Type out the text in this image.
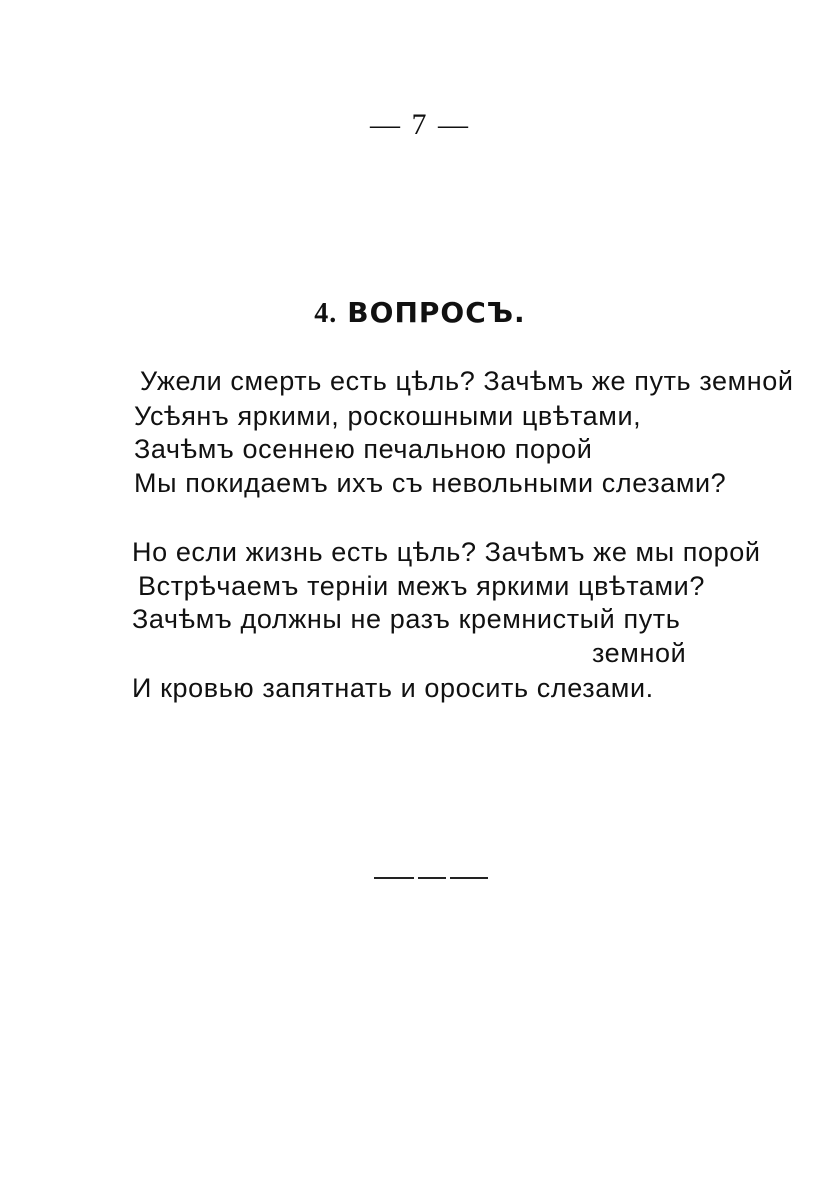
— 7 —
4. ВОПРОСЪ.
Ужели смерть есть цѣль? Зачѣмъ же путь земной
Усѣянъ яркими, роскошными цвѣтами,
Зачѣмъ осеннею печальною порой
Мы покидаемъ ихъ съ невольными слезами?
Но если жизнь есть цѣль? Зачѣмъ же мы порой
Встрѣчаемъ терніи межъ яркими цвѣтами?
Зачѣмъ должны не разъ кремнистый путь
земной
И кровью запятнать и оросить слезами.
